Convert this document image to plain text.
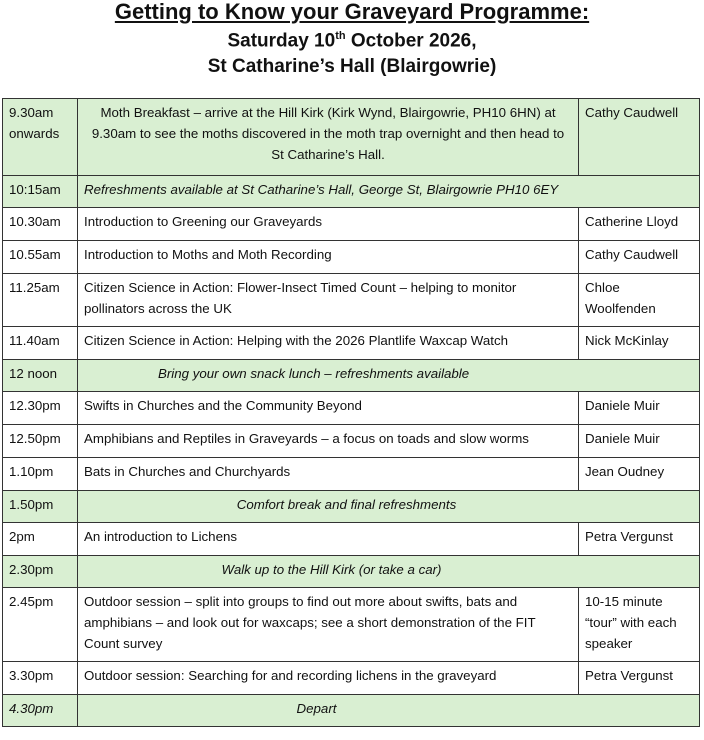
Getting to Know your Graveyard Programme:
Saturday 10th October 2026,
St Catharine’s Hall (Blairgowrie)
9.30am onwards	Moth Breakfast – arrive at the Hill Kirk (Kirk Wynd, Blairgowrie, PH10 6HN) at 9.30am to see the moths discovered in the moth trap overnight and then head to St Catharine’s Hall.	Cathy Caudwell
10:15am	Refreshments available at St Catharine’s Hall, George St, Blairgowrie PH10 6EY	
10.30am	Introduction to Greening our Graveyards	Catherine Lloyd
10.55am	Introduction to Moths and Moth Recording	Cathy Caudwell
11.25am	Citizen Science in Action: Flower-Insect Timed Count – helping to monitor pollinators across the UK	Chloe Woolfenden
11.40am	Citizen Science in Action: Helping with the 2026 Plantlife Waxcap Watch	Nick McKinlay
12 noon	Bring your own snack lunch – refreshments available	
12.30pm	Swifts in Churches and the Community Beyond	Daniele Muir
12.50pm	Amphibians and Reptiles in Graveyards – a focus on toads and slow worms	Daniele Muir
1.10pm	Bats in Churches and Churchyards	Jean Oudney
1.50pm	Comfort break and final refreshments	
2pm	An introduction to Lichens	Petra Vergunst
2.30pm	Walk up to the Hill Kirk (or take a car)	
2.45pm	Outdoor session – split into groups to find out more about swifts, bats and amphibians – and look out for waxcaps; see a short demonstration of the FIT Count survey	10-15 minute “tour” with each speaker
3.30pm	Outdoor session: Searching for and recording lichens in the graveyard	Petra Vergunst
4.30pm	Depart	
